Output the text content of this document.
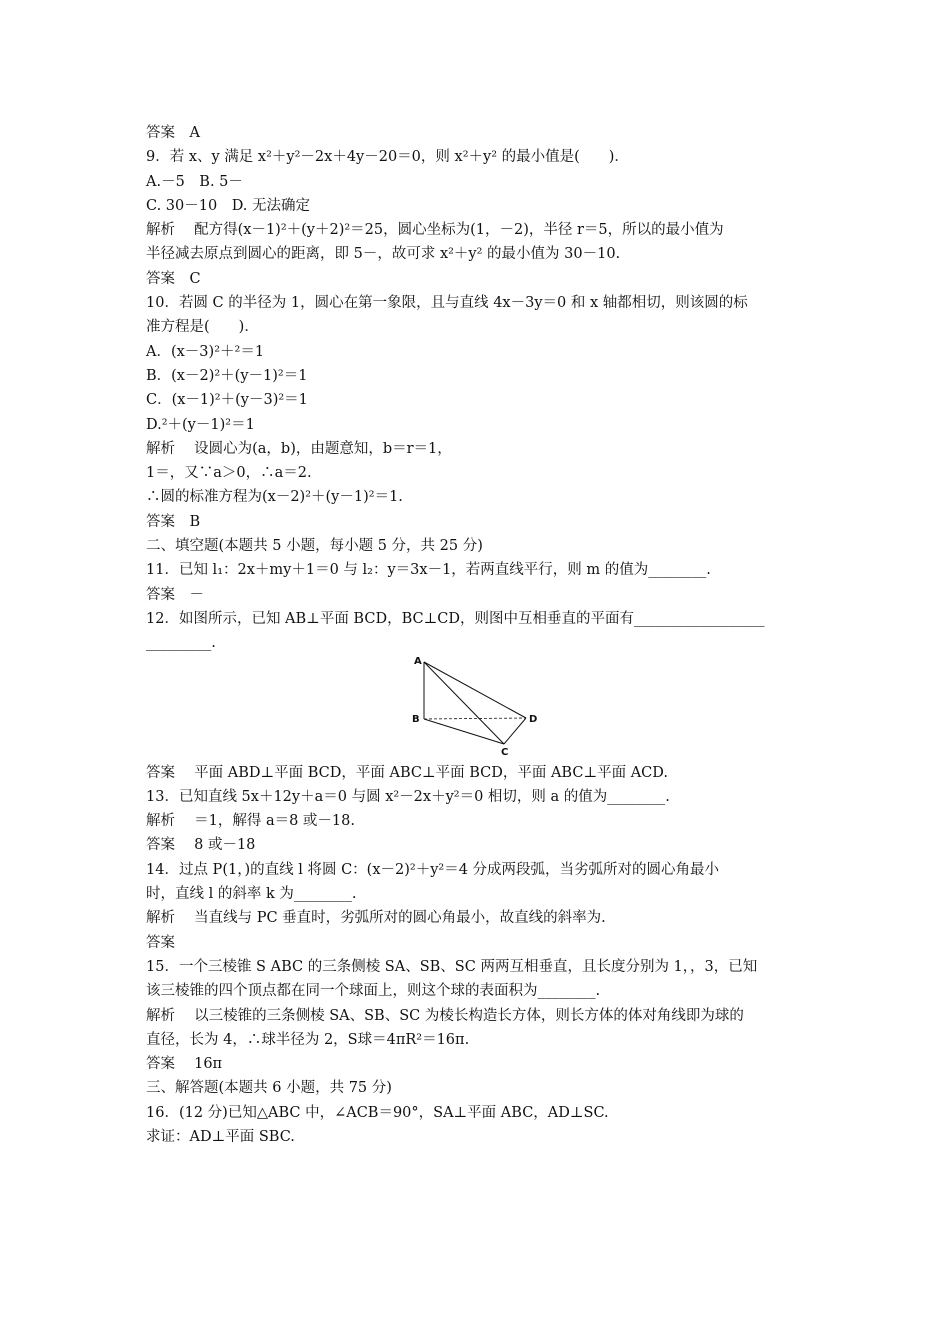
答案　A
9．若 x、y 满足 x²＋y²－2x＋4y－20＝0，则 x²＋y² 的最小值是(　　)．
A.－5　B. 5－
C. 30－10　D. 无法确定
解析　 配方得(x－1)²＋(y＋2)²＝25，圆心坐标为(1，－2)，半径 r＝5，所以的最小值为
半径减去原点到圆心的距离，即 5－，故可求 x²＋y² 的最小值为 30－10.
答案　C
10．若圆 C 的半径为 1，圆心在第一象限，且与直线 4x－3y＝0 和 x 轴都相切，则该圆的标
准方程是(　　)．
A．(x－3)²＋²＝1
B．(x－2)²＋(y－1)²＝1
C．(x－1)²＋(y－3)²＝1
D.²＋(y－1)²＝1
解析　 设圆心为(a，b)，由题意知，b＝r＝1，
1＝，又∵a＞0，∴a＝2.
∴圆的标准方程为(x－2)²＋(y－1)²＝1.
答案　B
二、填空题(本题共 5 小题，每小题 5 分，共 25 分)
11．已知 l₁：2x＋my＋1＝0 与 l₂：y＝3x－1，若两直线平行，则 m 的值为________.
答案　－
12．如图所示，已知 AB⊥平面 BCD，BC⊥CD，则图中互相垂直的平面有__________________
_________.
A
B
C
D
答案　 平面 ABD⊥平面 BCD，平面 ABC⊥平面 BCD，平面 ABC⊥平面 ACD.
13．已知直线 5x＋12y＋a＝0 与圆 x²－2x＋y²＝0 相切，则 a 的值为________.
解析　 ＝1，解得 a＝8 或－18.
答案　 8 或－18
14．过点 P(1，)的直线 l 将圆 C：(x－2)²＋y²＝4 分成两段弧，当劣弧所对的圆心角最小
时，直线 l 的斜率 k 为________.
解析　 当直线与 PC 垂直时，劣弧所对的圆心角最小，故直线的斜率为.
答案
15．一个三棱锥 S ABC 的三条侧棱 SA、SB、SC 两两互相垂直，且长度分别为 1，，3，已知
该三棱锥的四个顶点都在同一个球面上，则这个球的表面积为________.
解析　 以三棱锥的三条侧棱 SA、SB、SC 为棱长构造长方体，则长方体的体对角线即为球的
直径，长为 4，∴球半径为 2，S球＝4πR²＝16π.
答案　 16π
三、解答题(本题共 6 小题，共 75 分)
16．(12 分)已知△ABC 中，∠ACB＝90°，SA⊥平面 ABC，AD⊥SC.
求证：AD⊥平面 SBC.
